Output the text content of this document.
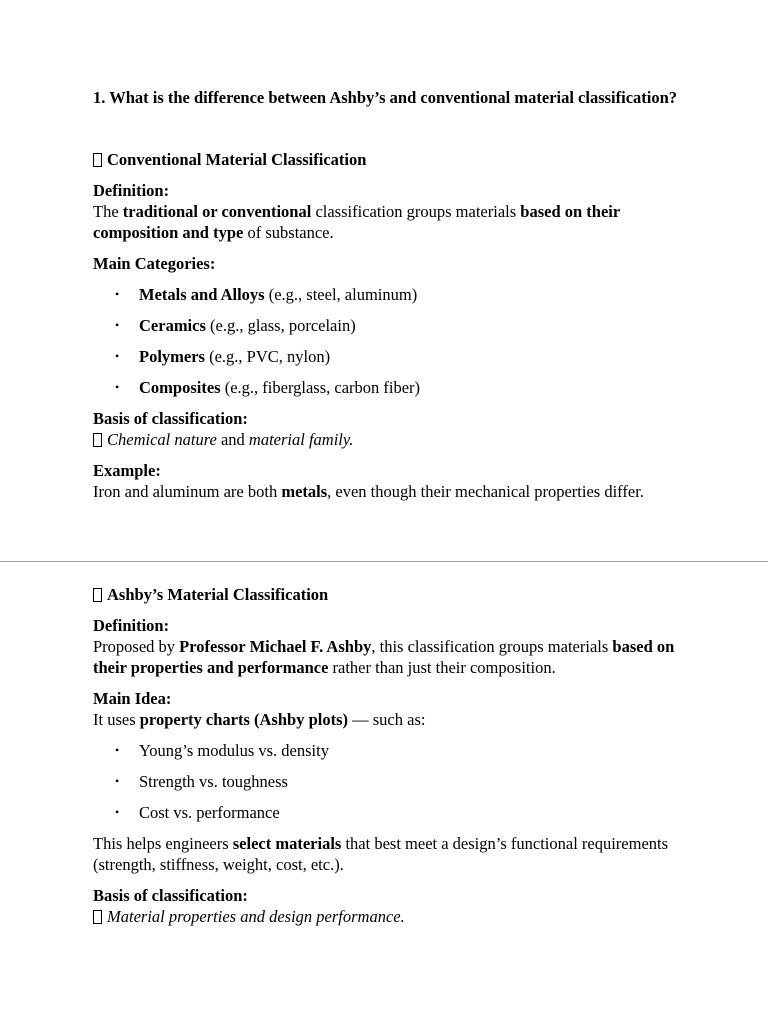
1. What is the difference between Ashby’s and conventional material classification?

Conventional Material Classification

Definition:

The traditional or conventional classification groups materials based on their composition and type of substance.

Main Categories:
• Metals and Alloys (e.g., steel, aluminum)
• Ceramics (e.g., glass, porcelain)
• Polymers (e.g., PVC, nylon)
• Composites (e.g., fiberglass, carbon fiber)
Basis of classification:

Chemical nature and material family.

Example:

Iron and aluminum are both metals, even though their mechanical properties differ.

Ashby’s Material Classification

Definition:

Proposed by Professor Michael F. Ashby, this classification groups materials based on their properties and performance rather than just their composition.

Main Idea:

It uses property charts (Ashby plots) — such as:

• Young’s modulus vs. density
• Strength vs. toughness
• Cost vs. performance

This helps engineers select materials that best meet a design’s functional requirements (strength, stiffness, weight, cost, etc.).

Basis of classification:

Material properties and design performance.
